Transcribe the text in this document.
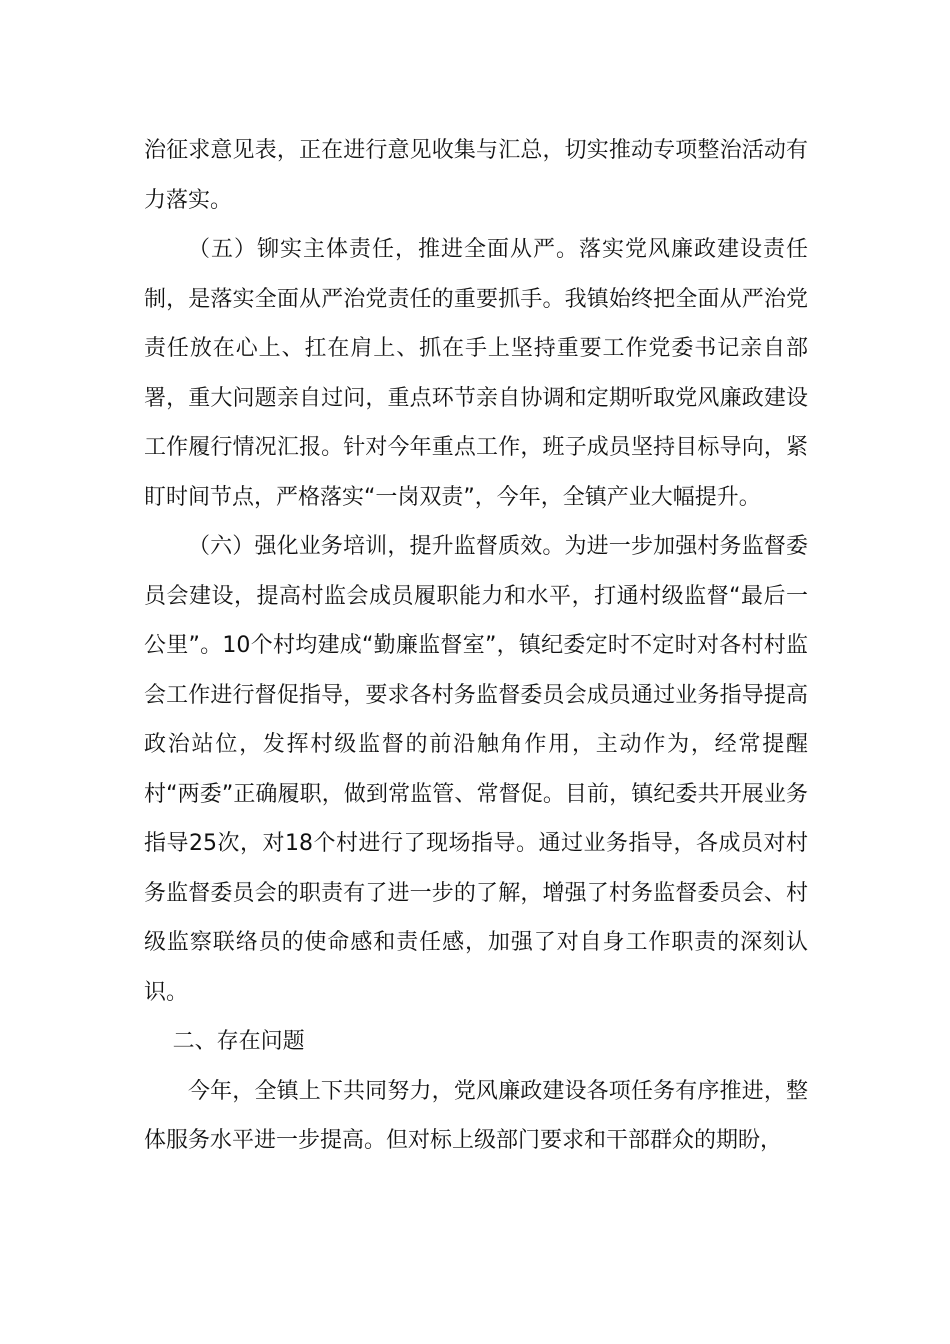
治征求意见表，正在进行意见收集与汇总，切实推动专项整治活动有力落实。

（五）铆实主体责任，推进全面从严。落实党风廉政建设责任制，是落实全面从严治党责任的重要抓手。我镇始终把全面从严治党责任放在心上、扛在肩上、抓在手上坚持重要工作党委书记亲自部署，重大问题亲自过问，重点环节亲自协调和定期听取党风廉政建设工作履行情况汇报。针对今年重点工作，班子成员坚持目标导向，紧盯时间节点，严格落实“一岗双责”，今年，全镇产业大幅提升。

（六）强化业务培训，提升监督质效。为进一步加强村务监督委员会建设，提高村监会成员履职能力和水平，打通村级监督“最后一公里”。10个村均建成“勤廉监督室”，镇纪委定时不定时对各村村监会工作进行督促指导，要求各村务监督委员会成员通过业务指导提高政治站位，发挥村级监督的前沿触角作用，主动作为，经常提醒村“两委”正确履职，做到常监管、常督促。目前，镇纪委共开展业务指导25次，对18个村进行了现场指导。通过业务指导，各成员对村务监督委员会的职责有了进一步的了解，增强了村务监督委员会、村级监察联络员的使命感和责任感，加强了对自身工作职责的深刻认识。

二、存在问题

今年，全镇上下共同努力，党风廉政建设各项任务有序推进，整体服务水平进一步提高。但对标上级部门要求和干部群众的期盼，
